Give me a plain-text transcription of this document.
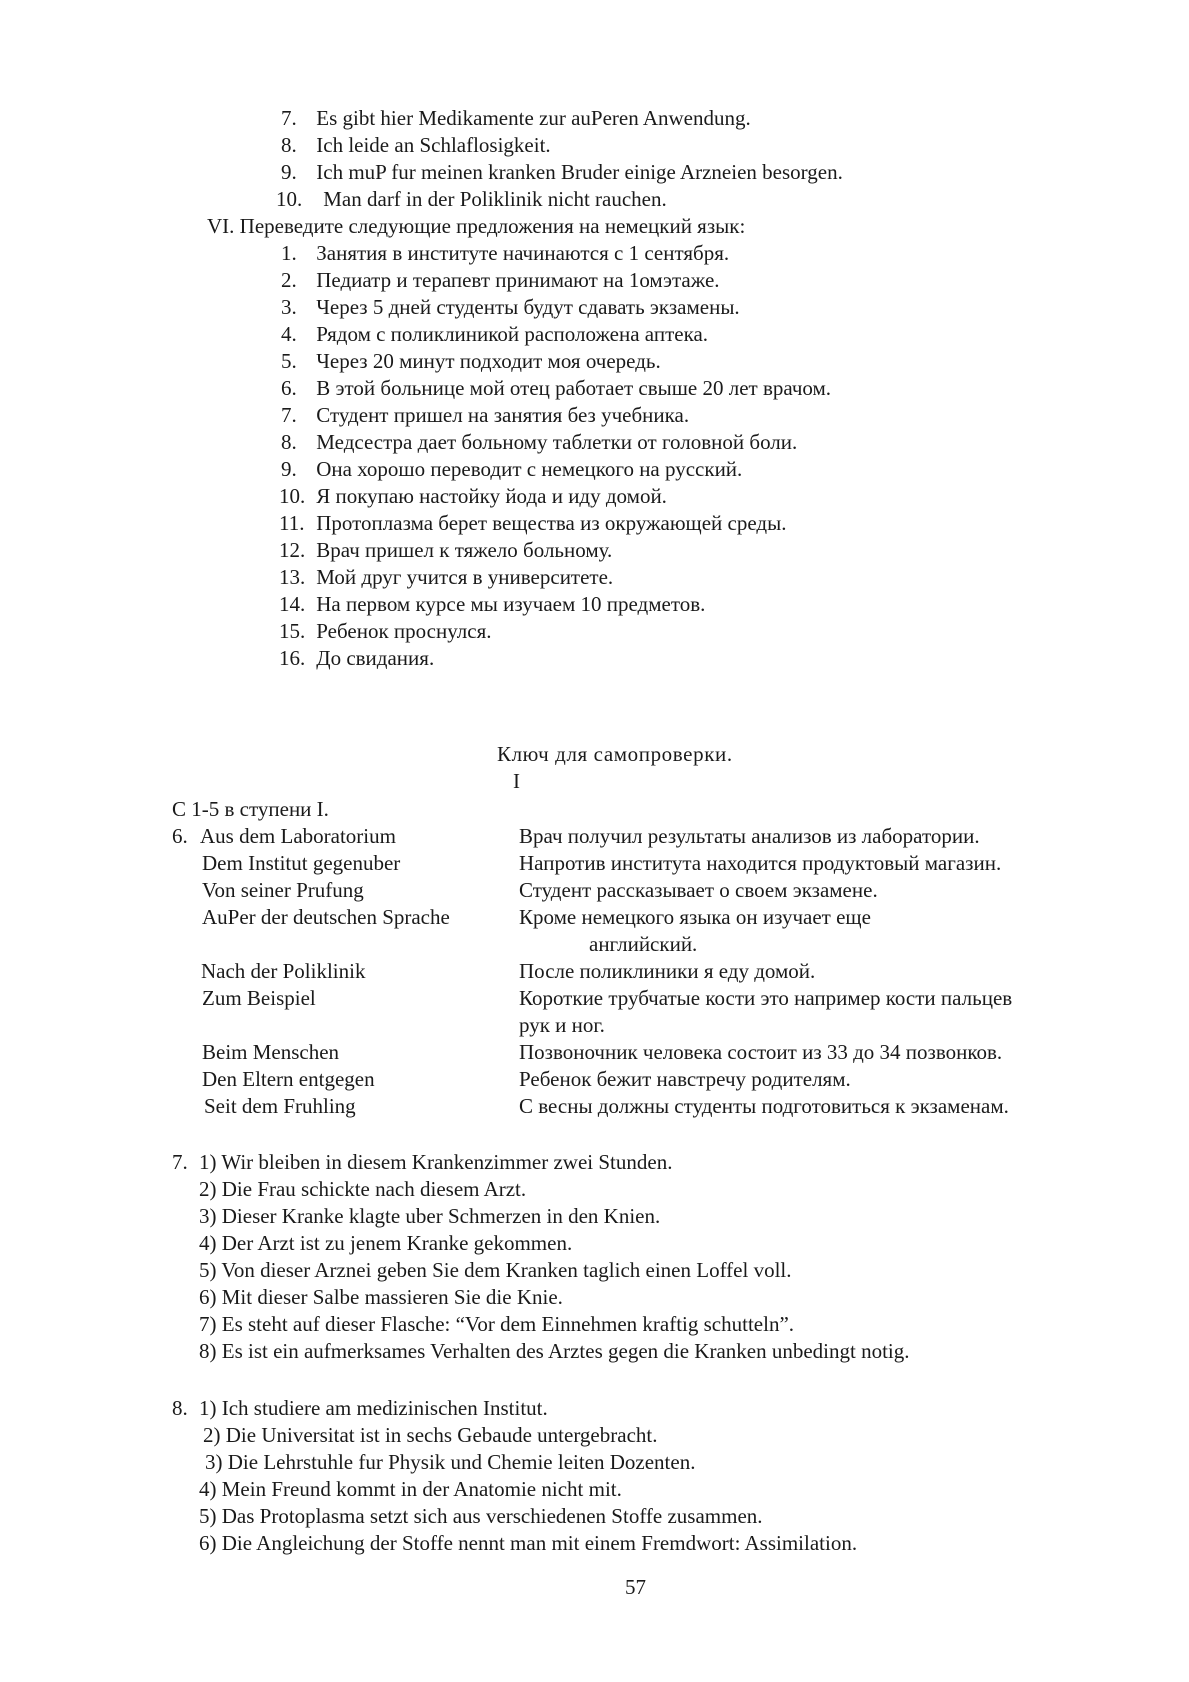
7. Es gibt hier Medikamente zur auPeren Anwendung.
8. Ich leide an Schlaflosigkeit.
9. Ich muP fur meinen kranken Bruder einige Arzneien besorgen.
10. Man darf in der Poliklinik nicht rauchen.
VI. Переведите следующие предложения на немецкий язык:
1. Занятия в институте начинаются с 1 сентября.
2. Педиатр и терапевт принимают на 1омэтаже.
3. Через 5 дней студенты будут сдавать экзамены.
4. Рядом с поликлиникой расположена аптека.
5. Через 20 минут подходит моя очередь.
6. В этой больнице мой отец работает свыше 20 лет врачом.
7. Студент пришел на занятия без учебника.
8. Медсестра дает больному таблетки от головной боли.
9. Она хорошо переводит с немецкого на русский.
10. Я покупаю настойку йода и иду домой.
11. Протоплазма берет вещества из окружающей среды.
12. Врач пришел к тяжело больному.
13. Мой друг учится в университете.
14. На первом курсе мы изучаем 10 предметов.
15. Ребенок проснулся.
16. До свидания.
Ключ для самопроверки.
I
С 1-5 в ступени I.
6. Aus dem Laboratorium	Врач получил результаты анализов из лаборатории.
Dem Institut gegenuber	Напротив института находится продуктовый магазин.
Von seiner Prufung	Студент рассказывает о своем экзамене.
AuPer der deutschen Sprache	Кроме немецкого языка он изучает еще
английский.
Nach der Poliklinik	После поликлиники я еду домой.
Zum Beispiel	Короткие трубчатые кости это например кости пальцев
рук и ног.
Beim Menschen	Позвоночник человека состоит из 33 до 34 позвонков.
Den Eltern entgegen	Ребенок бежит навстречу родителям.
Seit dem Fruhling	С весны должны студенты подготовиться к экзаменам.
7. 1) Wir bleiben in diesem Krankenzimmer zwei Stunden.
2) Die Frau schickte nach diesem Arzt.
3) Dieser Kranke klagte uber Schmerzen in den Knien.
4) Der Arzt ist zu jenem Kranke gekommen.
5) Von dieser Arznei geben Sie dem Kranken taglich einen Loffel voll.
6) Mit dieser Salbe massieren Sie die Knie.
7) Es steht auf dieser Flasche: “Vor dem Einnehmen kraftig schutteln”.
8) Es ist ein aufmerksames Verhalten des Arztes gegen die Kranken unbedingt notig.
8. 1) Ich studiere am medizinischen Institut.
2) Die Universitat ist in sechs Gebaude untergebracht.
3) Die Lehrstuhle fur Physik und Chemie leiten Dozenten.
4) Mein Freund kommt in der Anatomie nicht mit.
5) Das Protoplasma setzt sich aus verschiedenen Stoffe zusammen.
6) Die Angleichung der Stoffe nennt man mit einem Fremdwort: Assimilation.
57
